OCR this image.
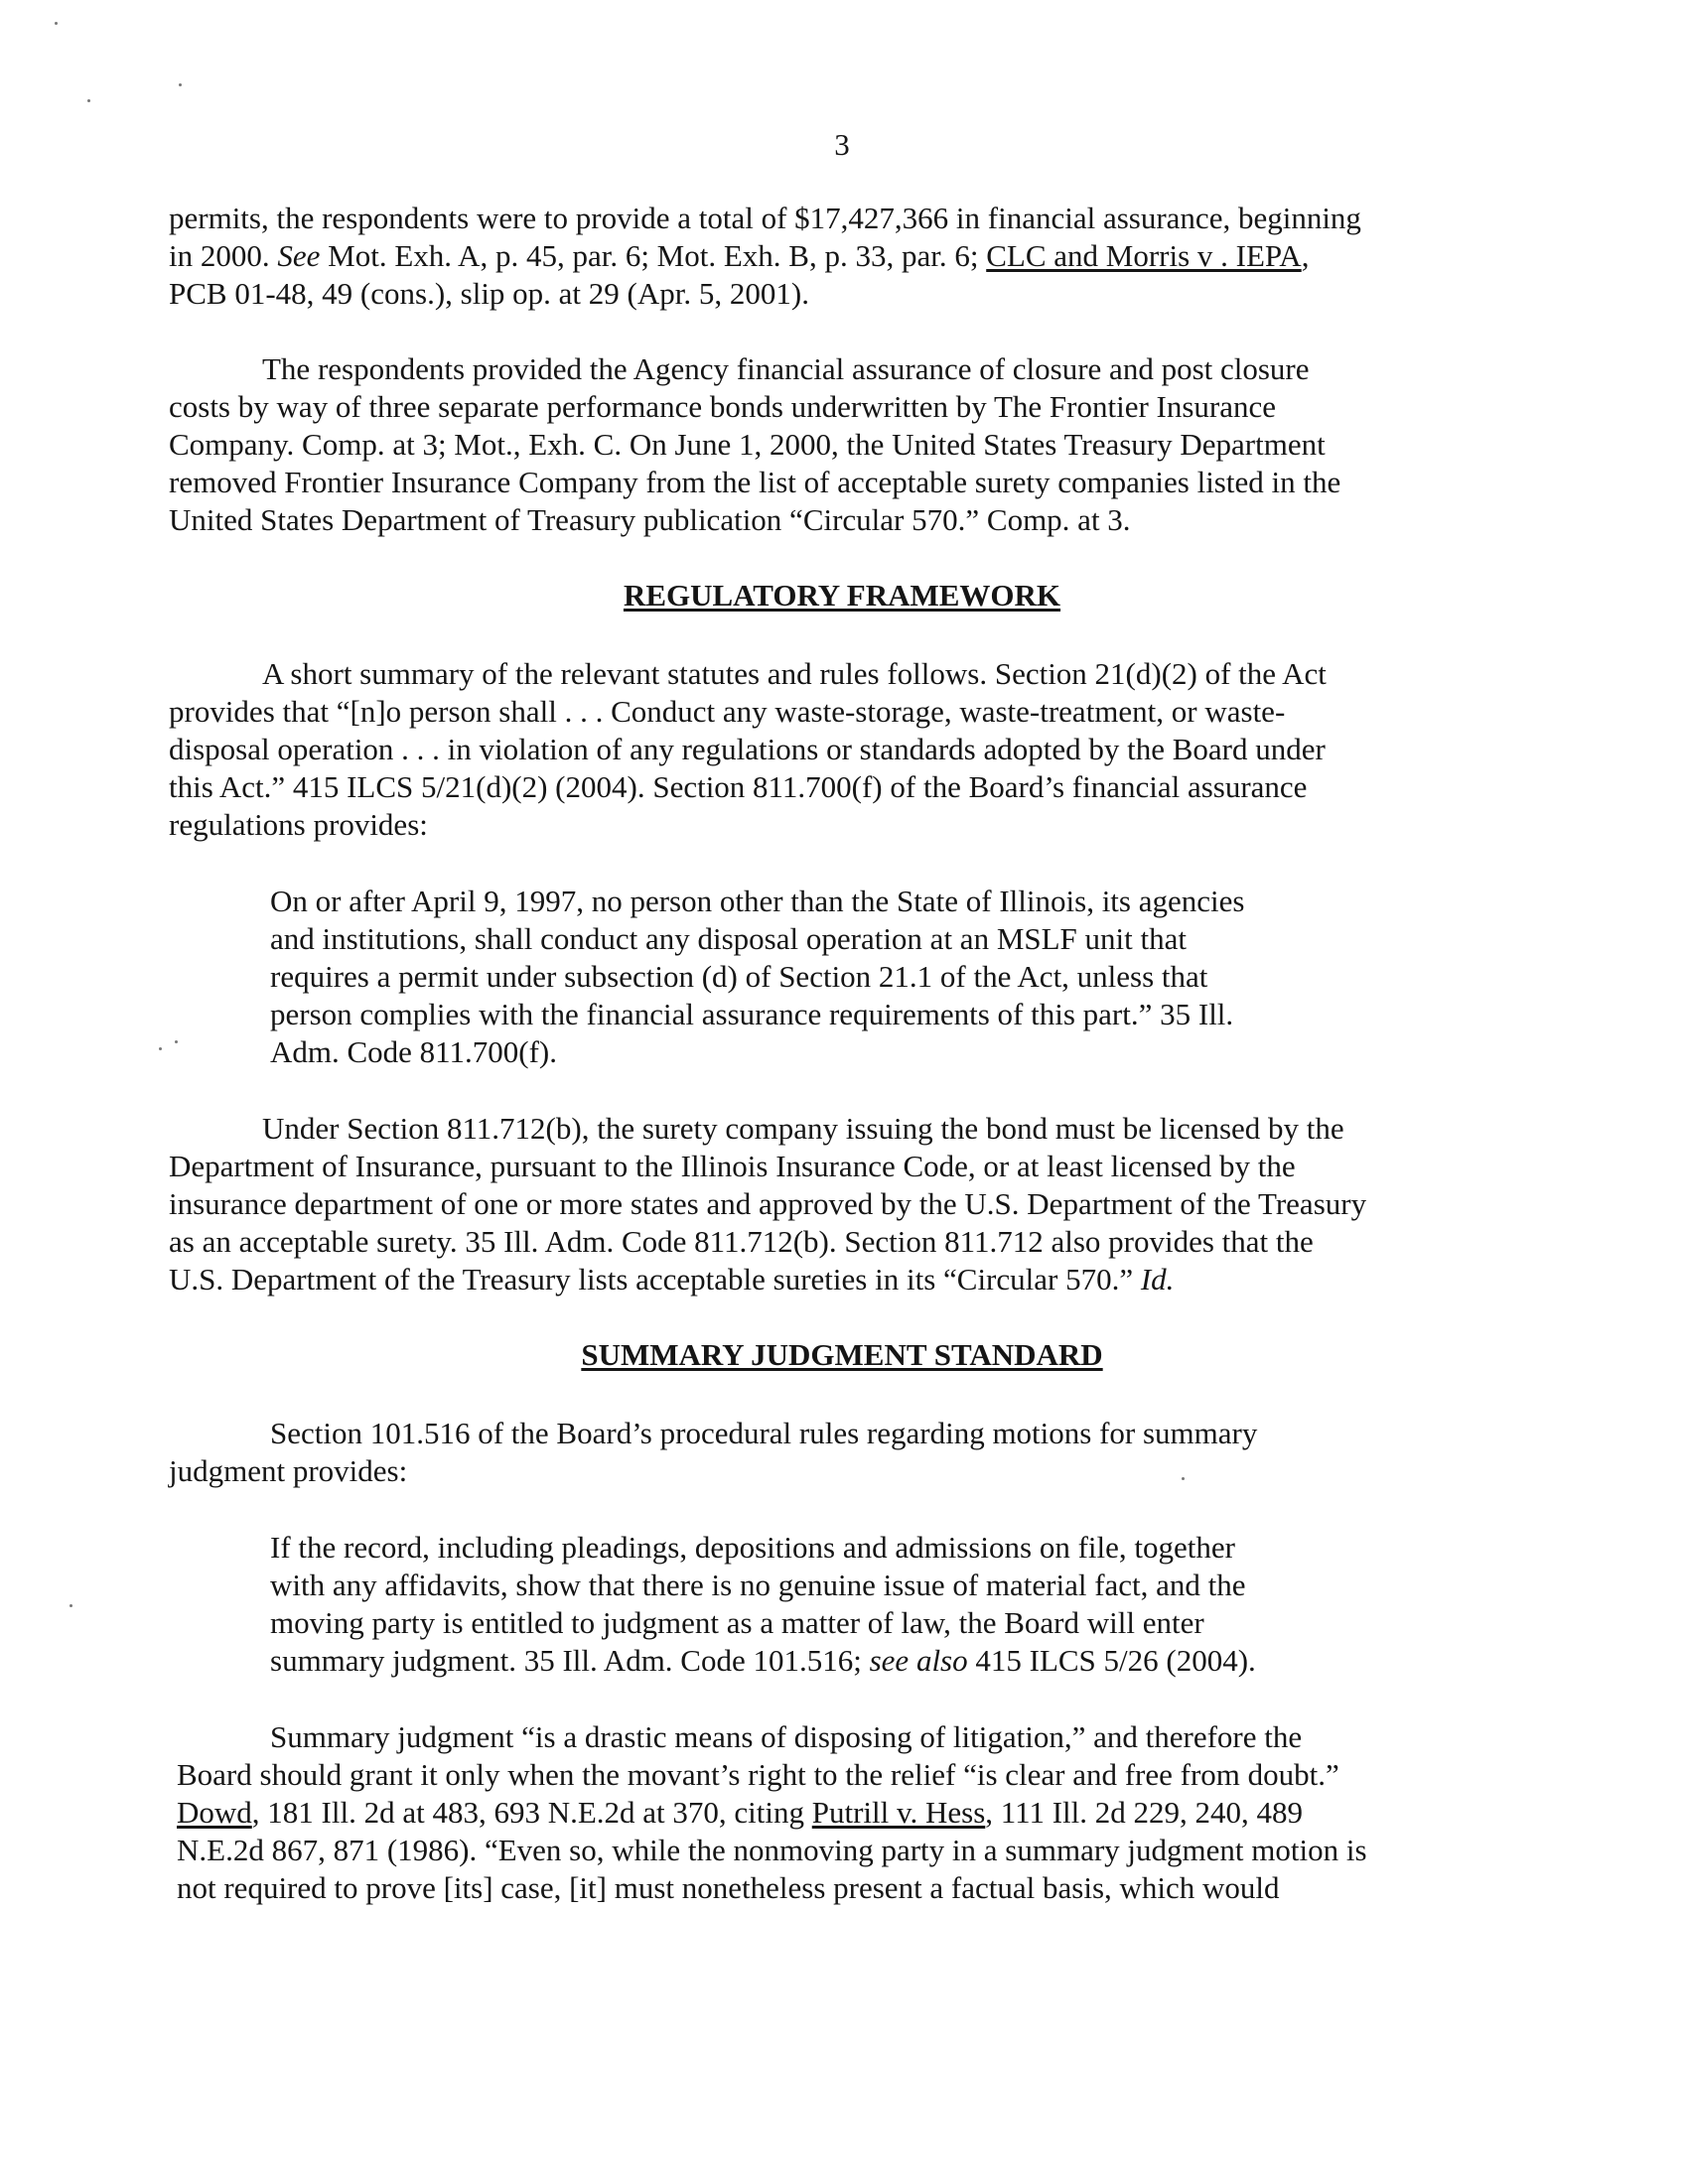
3
permits, the respondents were to provide a total of $17,427,366 in financial assurance, beginning
in 2000. See Mot. Exh. A, p. 45, par. 6; Mot. Exh. B, p. 33, par. 6; CLC and Morris v . IEPA,
PCB 01-48, 49 (cons.), slip op. at 29 (Apr. 5, 2001).
The respondents provided the Agency financial assurance of closure and post closure
costs by way of three separate performance bonds underwritten by The Frontier Insurance
Company. Comp. at 3; Mot., Exh. C. On June 1, 2000, the United States Treasury Department
removed Frontier Insurance Company from the list of acceptable surety companies listed in the
United States Department of Treasury publication “Circular 570.” Comp. at 3.
REGULATORY FRAMEWORK
A short summary of the relevant statutes and rules follows. Section 21(d)(2) of the Act
provides that “[n]o person shall . . . Conduct any waste-storage, waste-treatment, or waste-
disposal operation . . . in violation of any regulations or standards adopted by the Board under
this Act.” 415 ILCS 5/21(d)(2) (2004). Section 811.700(f) of the Board’s financial assurance
regulations provides:
On or after April 9, 1997, no person other than the State of Illinois, its agencies
and institutions, shall conduct any disposal operation at an MSLF unit that
requires a permit under subsection (d) of Section 21.1 of the Act, unless that
person complies with the financial assurance requirements of this part.” 35 Ill.
Adm. Code 811.700(f).
Under Section 811.712(b), the surety company issuing the bond must be licensed by the
Department of Insurance, pursuant to the Illinois Insurance Code, or at least licensed by the
insurance department of one or more states and approved by the U.S. Department of the Treasury
as an acceptable surety. 35 Ill. Adm. Code 811.712(b). Section 811.712 also provides that the
U.S. Department of the Treasury lists acceptable sureties in its “Circular 570.” Id.
SUMMARY JUDGMENT STANDARD
Section 101.516 of the Board’s procedural rules regarding motions for summary
judgment provides:
If the record, including pleadings, depositions and admissions on file, together
with any affidavits, show that there is no genuine issue of material fact, and the
moving party is entitled to judgment as a matter of law, the Board will enter
summary judgment. 35 Ill. Adm. Code 101.516; see also 415 ILCS 5/26 (2004).
Summary judgment “is a drastic means of disposing of litigation,” and therefore the
Board should grant it only when the movant’s right to the relief “is clear and free from doubt.”
Dowd, 181 Ill. 2d at 483, 693 N.E.2d at 370, citing Putrill v. Hess, 111 Ill. 2d 229, 240, 489
N.E.2d 867, 871 (1986). “Even so, while the nonmoving party in a summary judgment motion is
not required to prove [its] case, [it] must nonetheless present a factual basis, which would
